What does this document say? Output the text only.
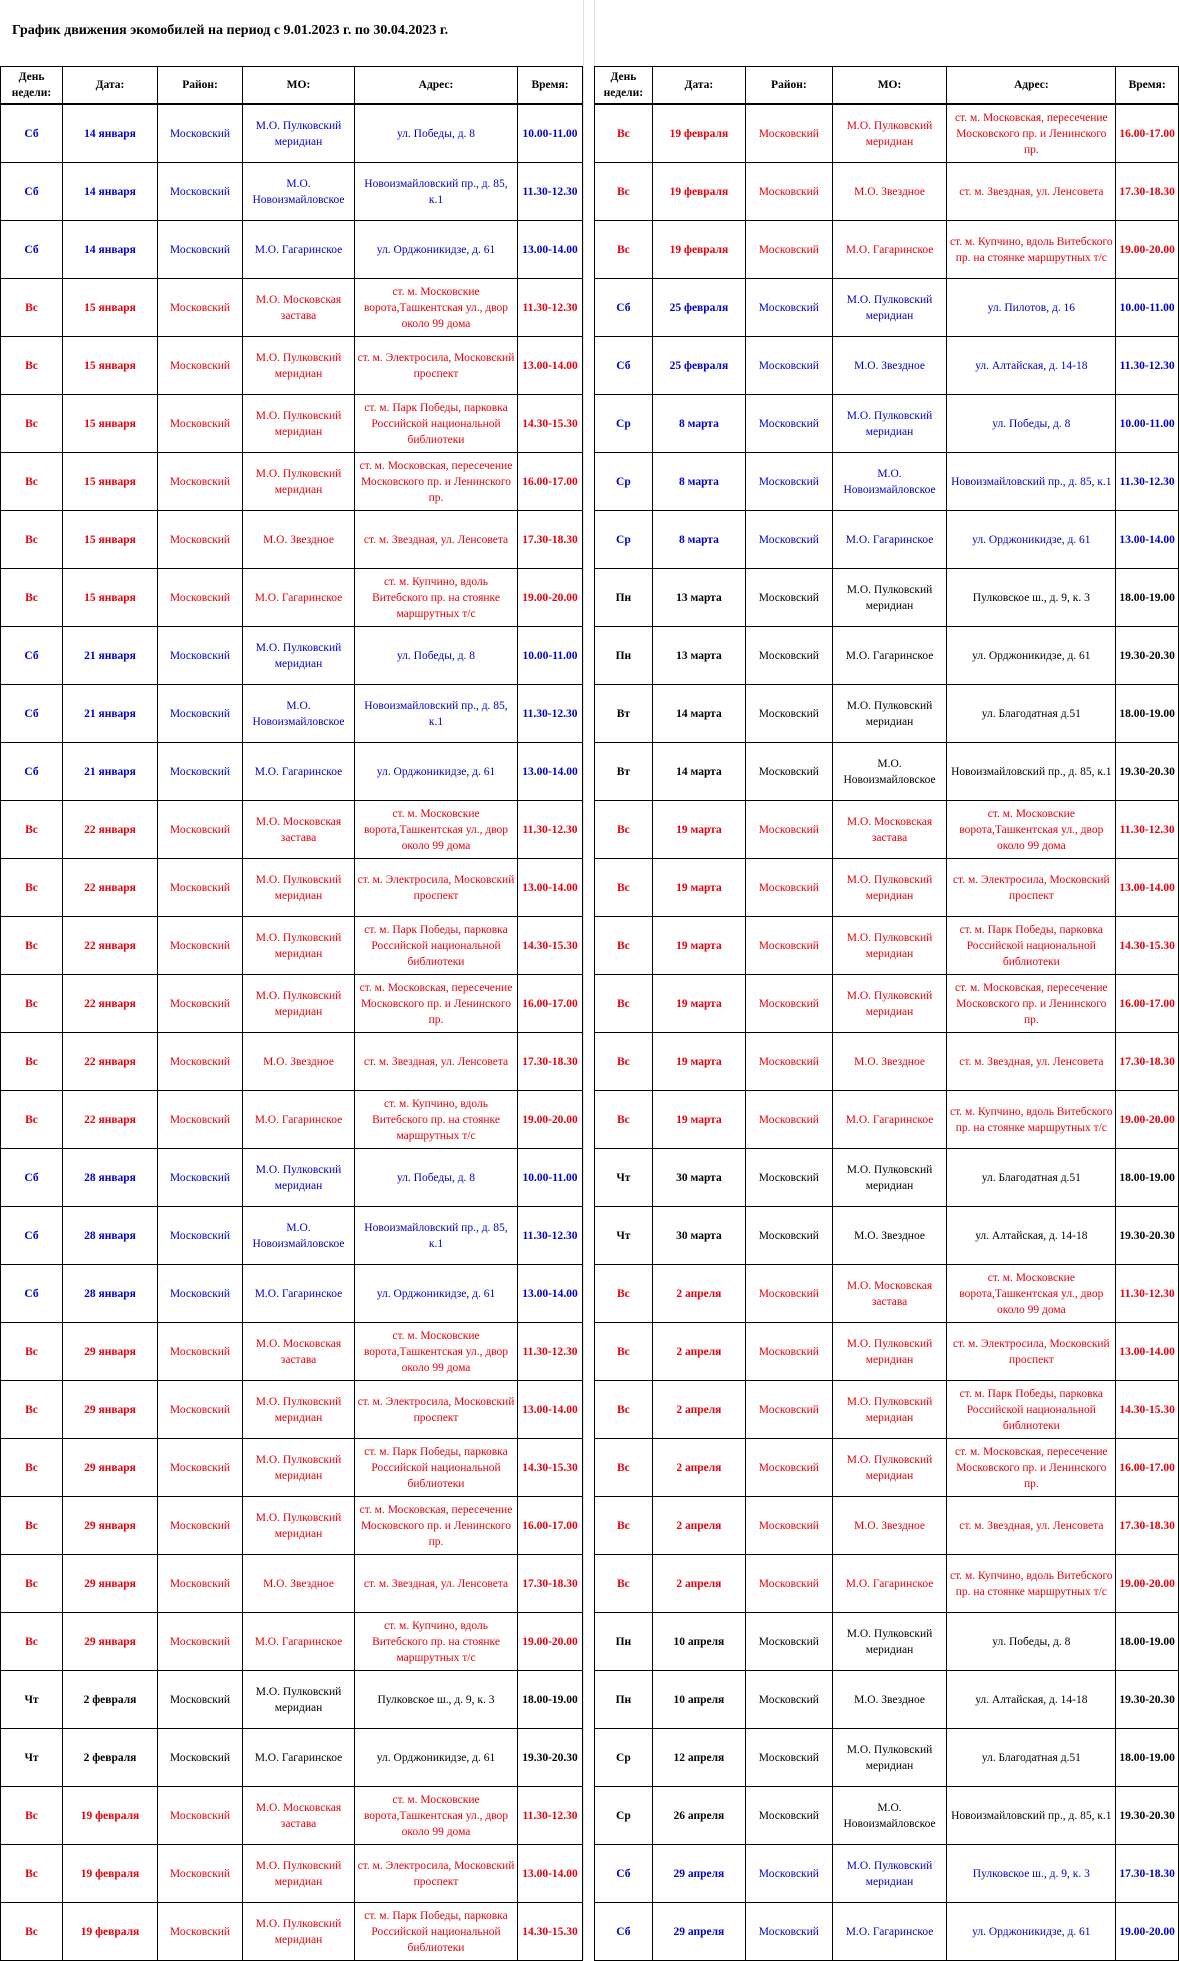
График движения экомобилей на период с 9.01.2023 г. по 30.04.2023 г.
День недели:	Дата:	Район:	МО:	Адрес:	Время:
Сб	14 января	Московский	М.О. Пулковский меридиан	ул. Победы, д. 8	10.00-11.00
Сб	14 января	Московский	М.О. Новоизмайловское	Новоизмайловский пр., д. 85, к.1	11.30-12.30
Сб	14 января	Московский	М.О. Гагаринское	ул. Орджоникидзе, д. 61	13.00-14.00
Вс	15 января	Московский	М.О. Московская застава	ст. м. Московские ворота,Ташкентская ул., двор около 99 дома	11.30-12.30
Вс	15 января	Московский	М.О. Пулковский меридиан	ст. м. Электросила, Московский проспект	13.00-14.00
Вс	15 января	Московский	М.О. Пулковский меридиан	ст. м. Парк Победы, парковка Российской национальной библиотеки	14.30-15.30
Вс	15 января	Московский	М.О. Пулковский меридиан	ст. м. Московская, пересечение Московского пр. и Ленинского пр.	16.00-17.00
Вс	15 января	Московский	М.О. Звездное	ст. м. Звездная, ул. Ленсовета	17.30-18.30
Вс	15 января	Московский	М.О. Гагаринское	ст. м. Купчино, вдоль Витебского пр. на стоянке маршрутных т/с	19.00-20.00
Сб	21 января	Московский	М.О. Пулковский меридиан	ул. Победы, д. 8	10.00-11.00
Сб	21 января	Московский	М.О. Новоизмайловское	Новоизмайловский пр., д. 85, к.1	11.30-12.30
Сб	21 января	Московский	М.О. Гагаринское	ул. Орджоникидзе, д. 61	13.00-14.00
Вс	22 января	Московский	М.О. Московская застава	ст. м. Московские ворота,Ташкентская ул., двор около 99 дома	11.30-12.30
Вс	22 января	Московский	М.О. Пулковский меридиан	ст. м. Электросила, Московский проспект	13.00-14.00
Вс	22 января	Московский	М.О. Пулковский меридиан	ст. м. Парк Победы, парковка Российской национальной библиотеки	14.30-15.30
Вс	22 января	Московский	М.О. Пулковский меридиан	ст. м. Московская, пересечение Московского пр. и Ленинского пр.	16.00-17.00
Вс	22 января	Московский	М.О. Звездное	ст. м. Звездная, ул. Ленсовета	17.30-18.30
Вс	22 января	Московский	М.О. Гагаринское	ст. м. Купчино, вдоль Витебского пр. на стоянке маршрутных т/с	19.00-20.00
Сб	28 января	Московский	М.О. Пулковский меридиан	ул. Победы, д. 8	10.00-11.00
Сб	28 января	Московский	М.О. Новоизмайловское	Новоизмайловский пр., д. 85, к.1	11.30-12.30
Сб	28 января	Московский	М.О. Гагаринское	ул. Орджоникидзе, д. 61	13.00-14.00
Вс	29 января	Московский	М.О. Московская застава	ст. м. Московские ворота,Ташкентская ул., двор около 99 дома	11.30-12.30
Вс	29 января	Московский	М.О. Пулковский меридиан	ст. м. Электросила, Московский проспект	13.00-14.00
Вс	29 января	Московский	М.О. Пулковский меридиан	ст. м. Парк Победы, парковка Российской национальной библиотеки	14.30-15.30
Вс	29 января	Московский	М.О. Пулковский меридиан	ст. м. Московская, пересечение Московского пр. и Ленинского пр.	16.00-17.00
Вс	29 января	Московский	М.О. Звездное	ст. м. Звездная, ул. Ленсовета	17.30-18.30
Вс	29 января	Московский	М.О. Гагаринское	ст. м. Купчино, вдоль Витебского пр. на стоянке маршрутных т/с	19.00-20.00
Чт	2 февраля	Московский	М.О. Пулковский меридиан	Пулковское ш., д. 9, к. 3	18.00-19.00
Чт	2 февраля	Московский	М.О. Гагаринское	ул. Орджоникидзе, д. 61	19.30-20.30
Вс	19 февраля	Московский	М.О. Московская застава	ст. м. Московские ворота,Ташкентская ул., двор около 99 дома	11.30-12.30
Вс	19 февраля	Московский	М.О. Пулковский меридиан	ст. м. Электросила, Московский проспект	13.00-14.00
Вс	19 февраля	Московский	М.О. Пулковский меридиан	ст. м. Парк Победы, парковка Российской национальной библиотеки	14.30-15.30
День недели:	Дата:	Район:	МО:	Адрес:	Время:
Вс	19 февраля	Московский	М.О. Пулковский меридиан	ст. м. Московская, пересечение Московского пр. и Ленинского пр.	16.00-17.00
Вс	19 февраля	Московский	М.О. Звездное	ст. м. Звездная, ул. Ленсовета	17.30-18.30
Вс	19 февраля	Московский	М.О. Гагаринское	ст. м. Купчино, вдоль Витебского пр. на стоянке маршрутных т/с	19.00-20.00
Сб	25 февраля	Московский	М.О. Пулковский меридиан	ул. Пилотов, д. 16	10.00-11.00
Сб	25 февраля	Московский	М.О. Звездное	ул. Алтайская, д. 14-18	11.30-12.30
Ср	8 марта	Московский	М.О. Пулковский меридиан	ул. Победы, д. 8	10.00-11.00
Ср	8 марта	Московский	М.О. Новоизмайловское	Новоизмайловский пр., д. 85, к.1	11.30-12.30
Ср	8 марта	Московский	М.О. Гагаринское	ул. Орджоникидзе, д. 61	13.00-14.00
Пн	13 марта	Московский	М.О. Пулковский меридиан	Пулковское ш., д. 9, к. 3	18.00-19.00
Пн	13 марта	Московский	М.О. Гагаринское	ул. Орджоникидзе, д. 61	19.30-20.30
Вт	14 марта	Московский	М.О. Пулковский меридиан	ул. Благодатная д.51	18.00-19.00
Вт	14 марта	Московский	М.О. Новоизмайловское	Новоизмайловский пр., д. 85, к.1	19.30-20.30
Вс	19 марта	Московский	М.О. Московская застава	ст. м. Московские ворота,Ташкентская ул., двор около 99 дома	11.30-12.30
Вс	19 марта	Московский	М.О. Пулковский меридиан	ст. м. Электросила, Московский проспект	13.00-14.00
Вс	19 марта	Московский	М.О. Пулковский меридиан	ст. м. Парк Победы, парковка Российской национальной библиотеки	14.30-15.30
Вс	19 марта	Московский	М.О. Пулковский меридиан	ст. м. Московская, пересечение Московского пр. и Ленинского пр.	16.00-17.00
Вс	19 марта	Московский	М.О. Звездное	ст. м. Звездная, ул. Ленсовета	17.30-18.30
Вс	19 марта	Московский	М.О. Гагаринское	ст. м. Купчино, вдоль Витебского пр. на стоянке маршрутных т/с	19.00-20.00
Чт	30 марта	Московский	М.О. Пулковский меридиан	ул. Благодатная д.51	18.00-19.00
Чт	30 марта	Московский	М.О. Звездное	ул. Алтайская, д. 14-18	19.30-20.30
Вс	2 апреля	Московский	М.О. Московская застава	ст. м. Московские ворота,Ташкентская ул., двор около 99 дома	11.30-12.30
Вс	2 апреля	Московский	М.О. Пулковский меридиан	ст. м. Электросила, Московский проспект	13.00-14.00
Вс	2 апреля	Московский	М.О. Пулковский меридиан	ст. м. Парк Победы, парковка Российской национальной библиотеки	14.30-15.30
Вс	2 апреля	Московский	М.О. Пулковский меридиан	ст. м. Московская, пересечение Московского пр. и Ленинского пр.	16.00-17.00
Вс	2 апреля	Московский	М.О. Звездное	ст. м. Звездная, ул. Ленсовета	17.30-18.30
Вс	2 апреля	Московский	М.О. Гагаринское	ст. м. Купчино, вдоль Витебского пр. на стоянке маршрутных т/с	19.00-20.00
Пн	10 апреля	Московский	М.О. Пулковский меридиан	ул. Победы, д. 8	18.00-19.00
Пн	10 апреля	Московский	М.О. Звездное	ул. Алтайская, д. 14-18	19.30-20.30
Ср	12 апреля	Московский	М.О. Пулковский меридиан	ул. Благодатная д.51	18.00-19.00
Ср	26 апреля	Московский	М.О. Новоизмайловское	Новоизмайловский пр., д. 85, к.1	19.30-20.30
Сб	29 апреля	Московский	М.О. Пулковский меридиан	Пулковское ш., д. 9, к. 3	17.30-18.30
Сб	29 апреля	Московский	М.О. Гагаринское	ул. Орджоникидзе, д. 61	19.00-20.00
